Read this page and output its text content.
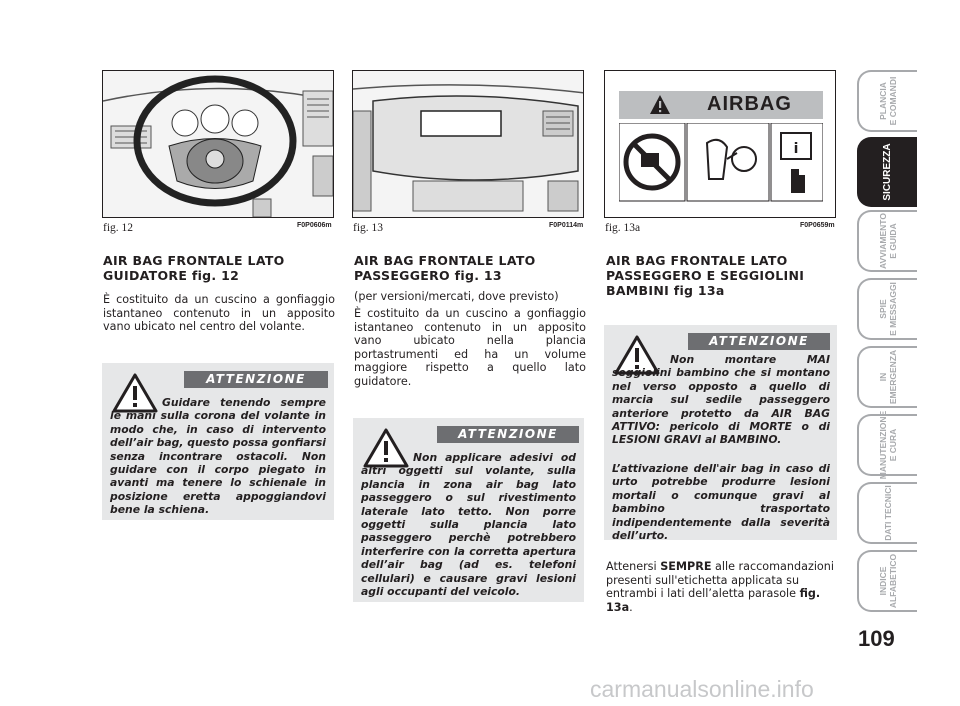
fig. 12	F0P0606m fig. 13	F0P0114m
AIRBAG
i
fig. 13a	F0P0659m
AIR BAG FRONTALE LATO GUIDATORE fig. 12
È costituito da un cuscino a gonfiaggio istantaneo contenuto in un apposito vano ubicato nel centro del volante.
ATTENZIONE
Guidare tenendo sempre le mani sulla corona del volante in modo che, in caso di intervento dell’air bag, questo possa gonfiarsi senza incontrare ostacoli. Non guidare con il corpo piegato in avanti ma tenere lo schienale in posizione eretta appoggiandovi bene la schiena.
AIR BAG FRONTALE LATO PASSEGGERO fig. 13
(per versioni/mercati, dove previsto)
È costituito da un cuscino a gonfiaggio istantaneo contenuto in un apposito vano ubicato nella plancia portastrumenti ed ha un volume maggiore rispetto a quello lato guidatore.
ATTENZIONE
Non applicare adesivi od altri oggetti sul volante, sulla plancia in zona air bag lato passeggero o sul rivestimento laterale lato tetto. Non porre oggetti sulla plancia lato passeggero perchè potrebbero interferire con la corretta apertura dell’air bag (ad es. telefoni cellulari) e causare gravi lesioni agli occupanti del veicolo.
AIR BAG FRONTALE LATO PASSEGGERO E SEGGIOLINI BAMBINI fig 13a
ATTENZIONE
Non montare MAI seggiolini bambino che si montano nel verso opposto a quello di marcia sul sedile passeggero anteriore protetto da AIR BAG ATTIVO: pericolo di MORTE o di LESIONI GRAVI al BAMBINO.
L’attivazione dell'air bag in caso di urto potrebbe produrre lesioni mortali o comunque gravi al bambino trasportato indipendentemente dalla severità dell’urto.
Attenersi SEMPRE alle raccomandazioni presenti sull'etichetta applicata su entrambi i lati dell’aletta parasole fig. 13a.
PLANCIA
E COMANDI
SICUREZZA
AVVIAMENTO
E GUIDA
SPIE
E MESSAGGI
IN
EMERGENZA
MANUTENZIONE
E CURA
DATI TECNICI
INDICE
ALFABETICO
109
carmanualsonline.info
